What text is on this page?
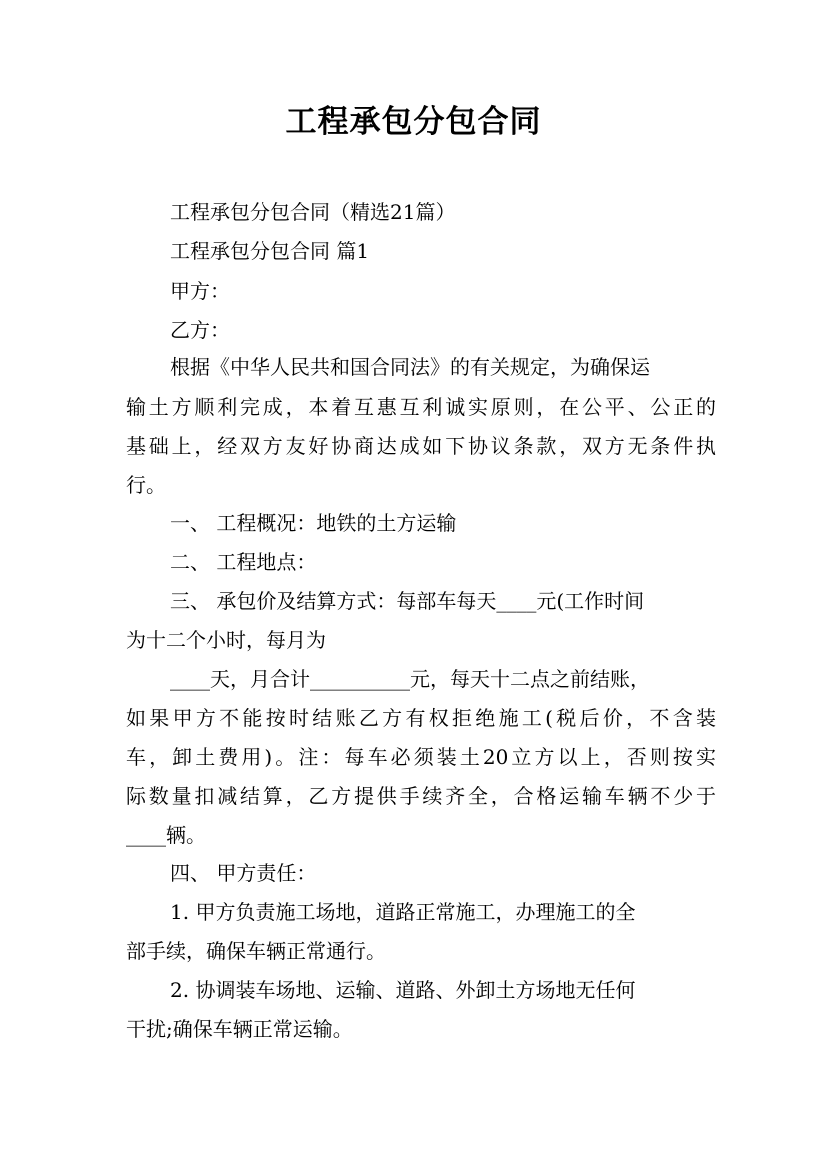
工程承包分包合同
工程承包分包合同（精选21篇）
工程承包分包合同 篇1
甲方：
乙方：
根据《中华人民共和国合同法》的有关规定，为确保运
输土方顺利完成，本着互惠互利诚实原则，在公平、公正的
基础上，经双方友好协商达成如下协议条款，双方无条件执
行。
一、 工程概况：地铁的土方运输
二、 工程地点：
三、 承包价及结算方式：每部车每天____元(工作时间
为十二个小时，每月为
____天，月合计__________元，每天十二点之前结账，
如果甲方不能按时结账乙方有权拒绝施工(税后价，不含装
车，卸土费用)。注：每车必须装土20立方以上，否则按实
际数量扣减结算，乙方提供手续齐全，合格运输车辆不少于
____辆。
四、 甲方责任：
1. 甲方负责施工场地，道路正常施工，办理施工的全
部手续，确保车辆正常通行。
2. 协调装车场地、运输、道路、外卸土方场地无任何
干扰;确保车辆正常运输。
